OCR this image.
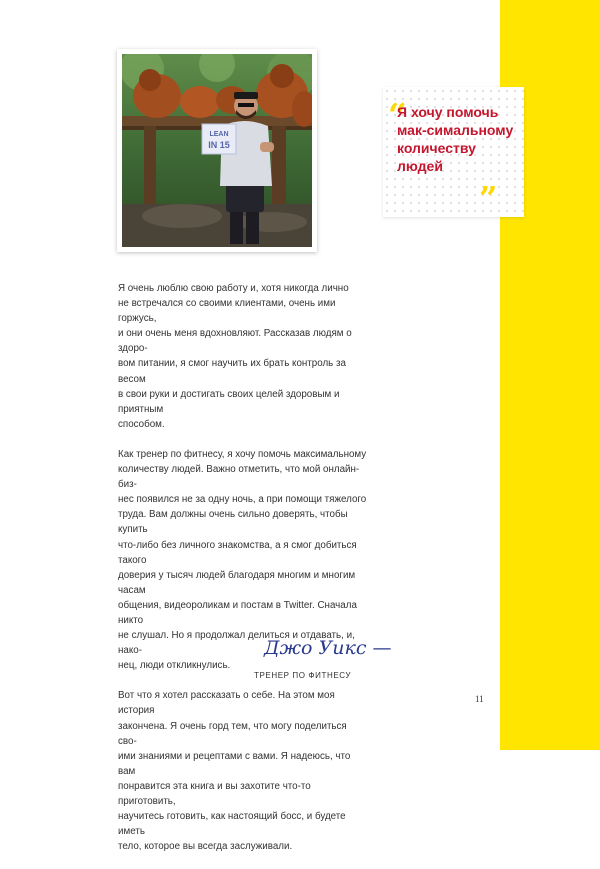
LEAN
IN 15
“
Я хочу помочь мак-симальному количеству людей
”

Я очень люблю свою работу и, хотя никогда лично
не встречался со своими клиентами, очень ими горжусь,
и они очень меня вдохновляют. Рассказав людям о здоро-
вом питании, я смог научить их брать контроль за весом
в свои руки и достигать своих целей здоровым и приятным
способом.

Как тренер по фитнесу, я хочу помочь максимальному
количеству людей. Важно отметить, что мой онлайн-биз-
нес появился не за одну ночь, а при помощи тяжелого
труда. Вам должны очень сильно доверять, чтобы купить
что-либо без личного знакомства, а я смог добиться такого
доверия у тысяч людей благодаря многим и многим часам
общения, видеороликам и постам в Twitter. Сначала никто
не слушал. Но я продолжал делиться и отдавать, и, нако-
нец, люди откликнулись.

Вот что я хотел рассказать о себе. На этом моя история
закончена. Я очень горд тем, что могу поделиться сво-
ими знаниями и рецептами с вами. Я надеюсь, что вам
понравится эта книга и вы захотите что-то приготовить,
научитесь готовить, как настоящий босс, и будете иметь
тело, которое вы всегда заслуживали.

Джо Уикс —
ТРЕНЕР ПО ФИТНЕСУ
11
